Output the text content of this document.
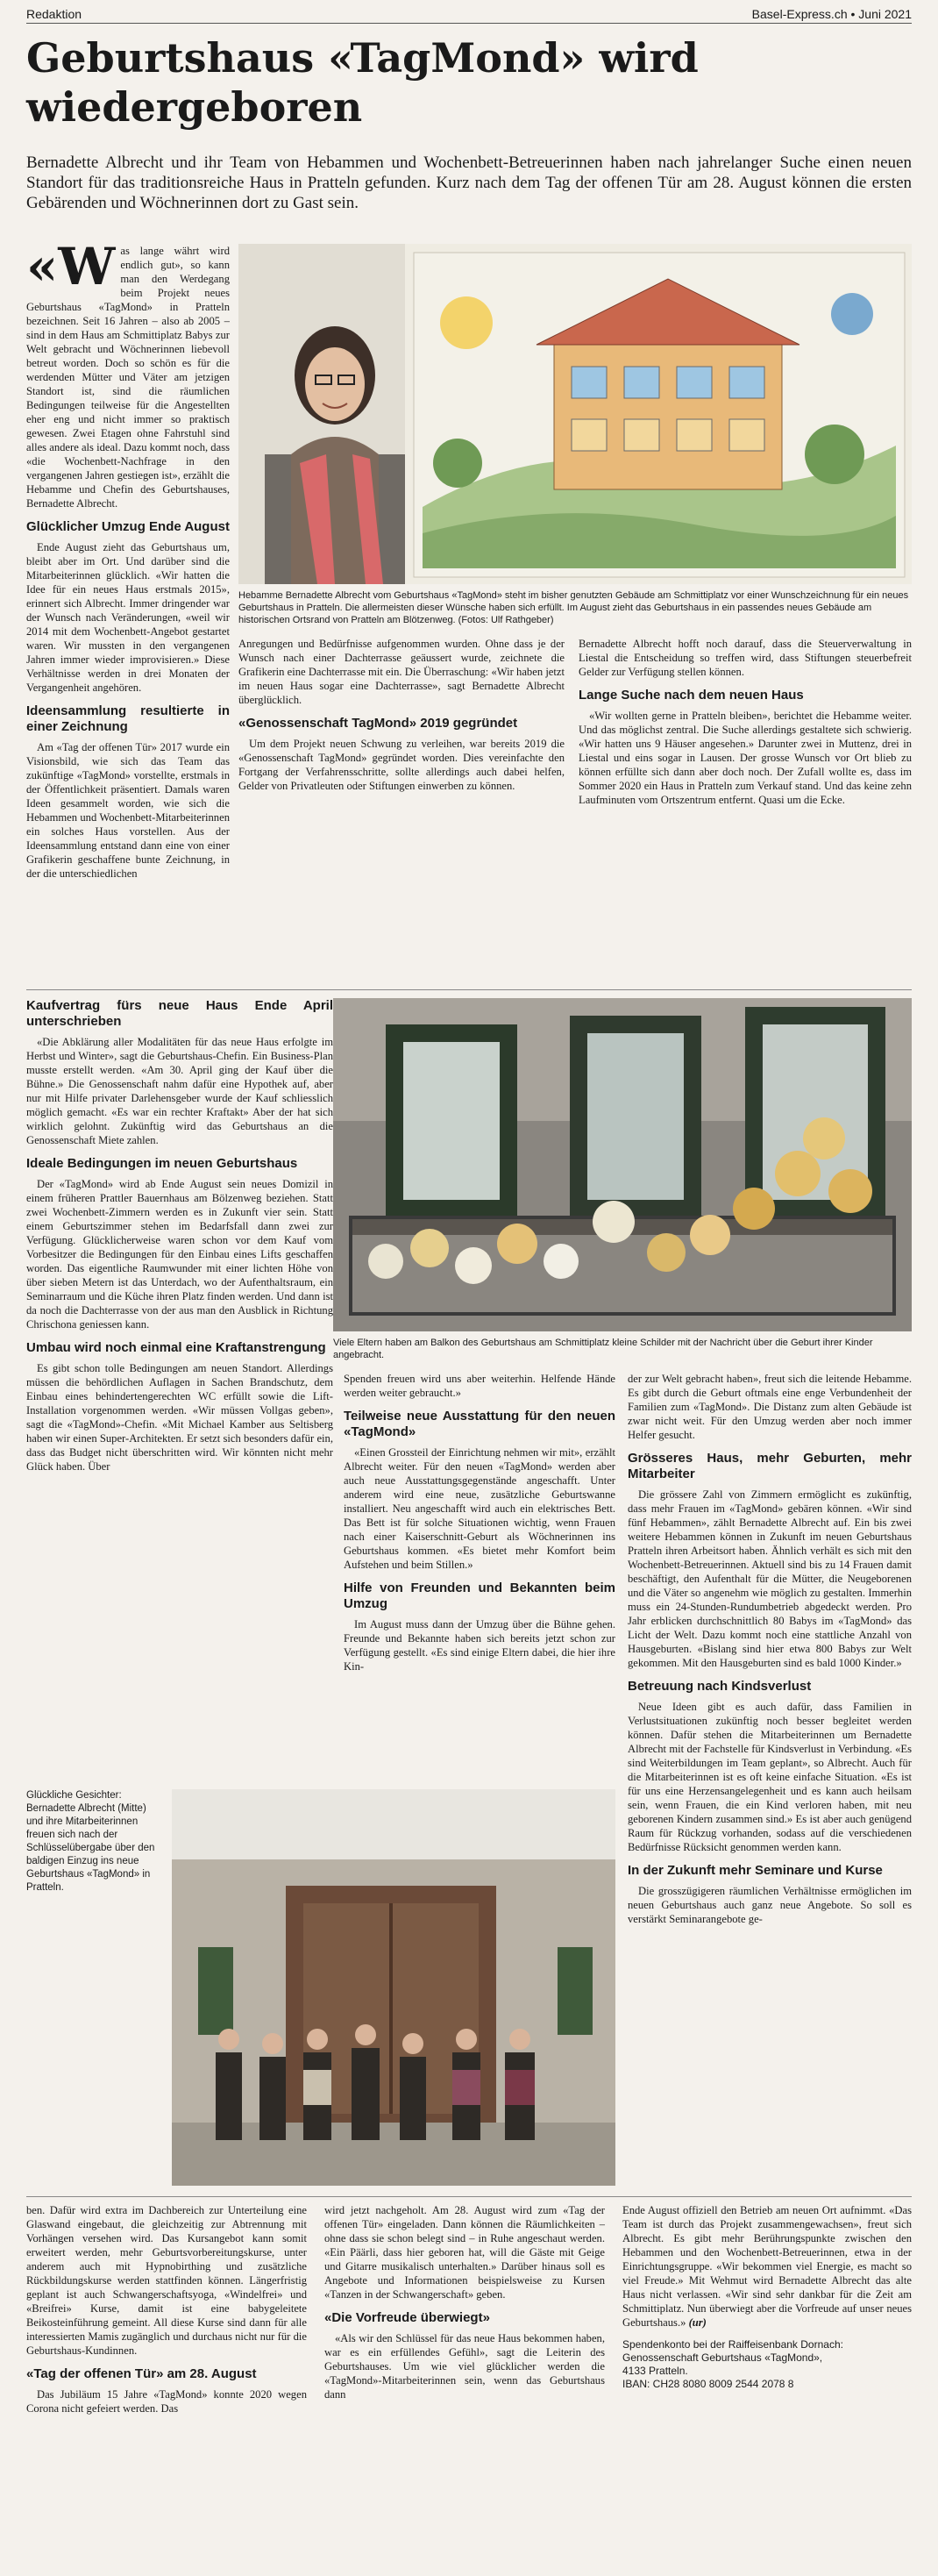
Redaktion	Basel-Express.ch • Juni 2021
Geburtshaus «TagMond» wird wiedergeboren

Bernadette Albrecht und ihr Team von Hebammen und Wochenbett-Betreuerinnen haben nach jahrelanger Suche einen neuen Standort für das traditionsreiche Haus in Pratteln gefunden. Kurz nach dem Tag der offenen Tür am 28. August können die ersten Gebärenden und Wöchnerinnen dort zu Gast sein.

«W as lange währt wird endlich gut», so kann man den Werdegang beim Projekt neues Geburtshaus «TagMond» in Pratteln bezeichnen. Seit 16 Jahren – also ab 2005 – sind in dem Haus am Schmittiplatz Babys zur Welt gebracht und Wöchnerinnen liebevoll betreut worden. Doch so schön es für die werdenden Mütter und Väter am jetzigen Standort ist, sind die räumlichen Bedingungen teilweise für die Angestellten eher eng und nicht immer so praktisch gewesen. Zwei Etagen ohne Fahrstuhl sind alles andere als ideal. Dazu kommt noch, dass «die Wochenbett-Nachfrage in den vergangenen Jahren gestiegen ist», erzählt die Hebamme und Chefin des Geburtshauses, Bernadette Albrecht.

Glücklicher Umzug Ende August

Ende August zieht das Geburtshaus um, bleibt aber im Ort. Und darüber sind die Mitarbeiterinnen glücklich. «Wir hatten die Idee für ein neues Haus erstmals 2015», erinnert sich Albrecht. Immer dringender war der Wunsch nach Veränderungen, «weil wir 2014 mit dem Wochenbett-Angebot gestartet waren. Wir mussten in den vergangenen Jahren immer wieder improvisieren.» Diese Verhältnisse werden in drei Monaten der Vergangenheit angehören.

Ideensammlung resultierte in einer Zeichnung

Am «Tag der offenen Tür» 2017 wurde ein Visionsbild, wie sich das Team das zukünftige «TagMond» vorstellte, erstmals in der Öffentlichkeit präsentiert. Damals waren Ideen gesammelt worden, wie sich die Hebammen und Wochenbett-Mitarbeiterinnen ein solches Haus vorstellen. Aus der Ideensammlung entstand dann eine von einer Grafikerin geschaffene bunte Zeichnung, in der die unterschiedlichen

Hebamme Bernadette Albrecht vom Geburtshaus «TagMond» steht im bisher genutzten Gebäude am Schmittiplatz vor einer Wunschzeichnung für ein neues Geburtshaus in Pratteln. Die allermeisten dieser Wünsche haben sich erfüllt. Im August zieht das Geburtshaus in ein passendes neues Gebäude am historischen Ortsrand von Pratteln am Blötzenweg. (Fotos: Ulf Rathgeber)

Anregungen und Bedürfnisse aufgenommen wurden. Ohne dass je der Wunsch nach einer Dachterrasse geäussert wurde, zeichnete die Grafikerin eine Dachterrasse mit ein. Die Überraschung: «Wir haben jetzt im neuen Haus sogar eine Dachterrasse», sagt Bernadette Albrecht überglücklich.

«Genossenschaft TagMond» 2019 gegründet

Um dem Projekt neuen Schwung zu verleihen, war bereits 2019 die «Genossenschaft TagMond» gegründet worden. Dies vereinfachte den Fortgang der Verfahrensschritte, sollte allerdings auch dabei helfen, Gelder von Privatleuten oder Stiftungen einwerben zu können.

Bernadette Albrecht hofft noch darauf, dass die Steuerverwaltung in Liestal die Entscheidung so treffen wird, dass Stiftungen steuerbefreit Gelder zur Verfügung stellen können.

Lange Suche nach dem neuen Haus

«Wir wollten gerne in Pratteln bleiben», berichtet die Hebamme weiter. Und das möglichst zentral. Die Suche allerdings gestaltete sich schwierig. «Wir hatten uns 9 Häuser angesehen.» Darunter zwei in Muttenz, drei in Liestal und eins sogar in Lausen. Der grosse Wunsch vor Ort blieb zu können erfüllte sich dann aber doch noch. Der Zufall wollte es, dass im Sommer 2020 ein Haus in Pratteln zum Verkauf stand. Und das keine zehn Laufminuten vom Ortszentrum entfernt. Quasi um die Ecke.

Kaufvertrag fürs neue Haus Ende April unterschrieben

«Die Abklärung aller Modalitäten für das neue Haus erfolgte im Herbst und Winter», sagt die Geburtshaus-Chefin. Ein Business-Plan musste erstellt werden. «Am 30. April ging der Kauf über die Bühne.» Die Genossenschaft nahm dafür eine Hypothek auf, aber nur mit Hilfe privater Darlehensgeber wurde der Kauf schliesslich möglich gemacht. «Es war ein rechter Kraftakt» Aber der hat sich wirklich gelohnt. Zukünftig wird das Geburtshaus an die Genossenschaft Miete zahlen.

Ideale Bedingungen im neuen Geburtshaus

Der «TagMond» wird ab Ende August sein neues Domizil in einem früheren Prattler Bauernhaus am Bölzenweg beziehen. Statt zwei Wochenbett-Zimmern werden es in Zukunft vier sein. Statt einem Geburtszimmer stehen im Bedarfsfall dann zwei zur Verfügung. Glücklicherweise waren schon vor dem Kauf vom Vorbesitzer die Bedingungen für den Einbau eines Lifts geschaffen worden. Das eigentliche Raumwunder mit einer lichten Höhe von über sieben Metern ist das Unterdach, wo der Aufenthaltsraum, ein Seminarraum und die Küche ihren Platz finden werden. Und dann ist da noch die Dachterrasse von der aus man den Ausblick in Richtung Chrischona geniessen kann.

Umbau wird noch einmal eine Kraftanstrengung

Es gibt schon tolle Bedingungen am neuen Standort. Allerdings müssen die behördlichen Auflagen in Sachen Brandschutz, dem Einbau eines behindertengerechten WC erfüllt sowie die Lift-Installation vorgenommen werden. «Wir müssen Vollgas geben», sagt die «TagMond»-Chefin. «Mit Michael Kamber aus Seltisberg haben wir einen Super-Architekten. Er setzt sich besonders dafür ein, dass das Budget nicht überschritten wird. Wir könnten nicht mehr Glück haben. Über

Viele Eltern haben am Balkon des Geburtshaus am Schmittiplatz kleine Schilder mit der Nachricht über die Geburt ihrer Kinder angebracht.

Spenden freuen wird uns aber weiterhin. Helfende Hände werden weiter gebraucht.»

Teilweise neue Ausstattung für den neuen «TagMond»

«Einen Grossteil der Einrichtung nehmen wir mit», erzählt Albrecht weiter. Für den neuen «TagMond» werden aber auch neue Ausstattungsgegenstände angeschafft. Unter anderem wird eine neue, zusätzliche Geburtswanne installiert. Neu angeschafft wird auch ein elektrisches Bett. Das Bett ist für solche Situationen wichtig, wenn Frauen nach einer Kaiserschnitt-Geburt als Wöchnerinnen ins Geburtshaus kommen. «Es bietet mehr Komfort beim Aufstehen und beim Stillen.»

Hilfe von Freunden und Bekannten beim Umzug

Im August muss dann der Umzug über die Bühne gehen. Freunde und Bekannte haben sich bereits jetzt schon zur Verfügung gestellt. «Es sind einige Eltern dabei, die hier ihre Kin-

der zur Welt gebracht haben», freut sich die leitende Hebamme. Es gibt durch die Geburt oftmals eine enge Verbundenheit der Familien zum «TagMond». Die Distanz zum alten Gebäude ist zwar nicht weit. Für den Umzug werden aber noch immer Helfer gesucht.

Grösseres Haus, mehr Geburten, mehr Mitarbeiter

Die grössere Zahl von Zimmern ermöglicht es zukünftig, dass mehr Frauen im «TagMond» gebären können. «Wir sind fünf Hebammen», zählt Bernadette Albrecht auf. Ein bis zwei weitere Hebammen können in Zukunft im neuen Geburtshaus Pratteln ihren Arbeitsort haben. Ähnlich verhält es sich mit den Wochenbett-Betreuerinnen. Aktuell sind bis zu 14 Frauen damit beschäftigt, den Aufenthalt für die Mütter, die Neugeborenen und die Väter so angenehm wie möglich zu gestalten. Immerhin muss ein 24-Stunden-Rundumbetrieb abgedeckt werden. Pro Jahr erblicken durchschnittlich 80 Babys im «TagMond» das Licht der Welt. Dazu kommt noch eine stattliche Anzahl von Hausgeburten. «Bislang sind hier etwa 800 Babys zur Welt gekommen. Mit den Hausgeburten sind es bald 1000 Kinder.»

Betreuung nach Kindsverlust

Neue Ideen gibt es auch dafür, dass Familien in Verlustsituationen zukünftig noch besser begleitet werden können. Dafür stehen die Mitarbeiterinnen um Bernadette Albrecht mit der Fachstelle für Kindsverlust in Verbindung. «Es sind Weiterbildungen im Team geplant», so Albrecht. Auch für die Mitarbeiterinnen ist es oft keine einfache Situation. «Es ist für uns eine Herzensangelegenheit und es kann auch heilsam sein, wenn Frauen, die ein Kind verloren haben, mit neu geborenen Kindern zusammen sind.» Es ist aber auch genügend Raum für Rückzug vorhanden, sodass auf die verschiedenen Bedürfnisse Rücksicht genommen werden kann.

In der Zukunft mehr Seminare und Kurse

Die grosszügigeren räumlichen Verhältnisse ermöglichen im neuen Geburtshaus auch ganz neue Angebote. So soll es verstärkt Seminarangebote ge-

Glückliche Gesichter: Bernadette Albrecht (Mitte) und ihre Mitarbeiterinnen freuen sich nach der Schlüsselübergabe über den baldigen Einzug ins neue Geburtshaus «TagMond» in Pratteln.

ben. Dafür wird extra im Dachbereich zur Unterteilung eine Glaswand eingebaut, die gleichzeitig zur Abtrennung mit Vorhängen versehen wird. Das Kursangebot kann somit erweitert werden, mehr Geburtsvorbereitungskurse, unter anderem auch mit Hypnobirthing und zusätzliche Rückbildungskurse werden stattfinden können. Längerfristig geplant ist auch Schwangerschaftsyoga, «Windelfrei» und «Breifrei» Kurse, damit ist eine babygeleitete Beikosteinführung gemeint. All diese Kurse sind dann für alle interessierten Mamis zugänglich und durchaus nicht nur für die Geburtshaus-Kundinnen.

«Tag der offenen Tür» am 28. August

Das Jubiläum 15 Jahre «TagMond» konnte 2020 wegen Corona nicht gefeiert werden. Das

wird jetzt nachgeholt. Am 28. August wird zum «Tag der offenen Tür» eingeladen. Dann können die Räumlichkeiten – ohne dass sie schon belegt sind – in Ruhe angeschaut werden. «Ein Päärli, dass hier geboren hat, will die Gäste mit Geige und Gitarre musikalisch unterhalten.» Darüber hinaus soll es Angebote und Informationen beispielsweise zu Kursen «Tanzen in der Schwangerschaft» geben.

«Die Vorfreude überwiegt»

«Als wir den Schlüssel für das neue Haus bekommen haben, war es ein erfüllendes Gefühl», sagt die Leiterin des Geburtshauses. Um wie viel glücklicher werden die «TagMond»-Mitarbeiterinnen sein, wenn das Geburtshaus dann

Ende August offiziell den Betrieb am neuen Ort aufnimmt. «Das Team ist durch das Projekt zusammengewachsen», freut sich Albrecht. Es gibt mehr Berührungspunkte zwischen den Hebammen und den Wochenbett-Betreuerinnen, etwa in der Einrichtungsgruppe. «Wir bekommen viel Energie, es macht so viel Freude.» Mit Wehmut wird Bernadette Albrecht das alte Haus nicht verlassen. «Wir sind sehr dankbar für die Zeit am Schmittiplatz. Nun überwiegt aber die Vorfreude auf unser neues Geburtshaus.» (ur)

Spendenkonto bei der Raiffeisenbank Dornach:
Genossenschaft Geburtshaus «TagMond»,
4133 Pratteln.
IBAN: CH28 8080 8009 2544 2078 8
